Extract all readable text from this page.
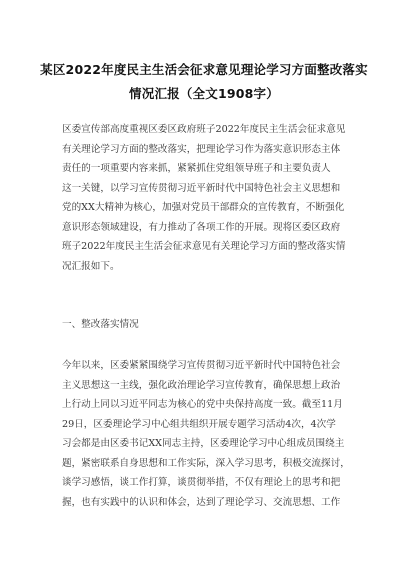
某区2022年度民主生活会征求意见理论学习方面整改落实
情况汇报（全文1908字）
区委宣传部高度重视区委区政府班子2022年度民主生活会征求意见
有关理论学习方面的整改落实，把理论学习作为落实意识形态主体
责任的一项重要内容来抓，紧紧抓住党组领导班子和主要负责人
这一关键，以学习宣传贯彻习近平新时代中国特色社会主义思想和
党的XX大精神为核心，加强对党员干部群众的宣传教育，不断强化
意识形态领域建设，有力推动了各项工作的开展。现将区委区政府
班子2022年度民主生活会征求意见有关理论学习方面的整改落实情
况汇报如下。
一、整改落实情况
今年以来，区委紧紧围绕学习宣传贯彻习近平新时代中国特色社会
主义思想这一主线，强化政治理论学习宣传教育，确保思想上政治
上行动上同以习近平同志为核心的党中央保持高度一致。截至11月
29日，区委理论学习中心组共组织开展专题学习活动4次，4次学
习会都是由区委书记XX同志主持，区委理论学习中心组成员围绕主
题，紧密联系自身思想和工作实际，深入学习思考，积极交流探讨，
谈学习感悟，谈工作打算，谈贯彻举措，不仅有理论上的思考和把
握，也有实践中的认识和体会，达到了理论学习、交流思想、工作
